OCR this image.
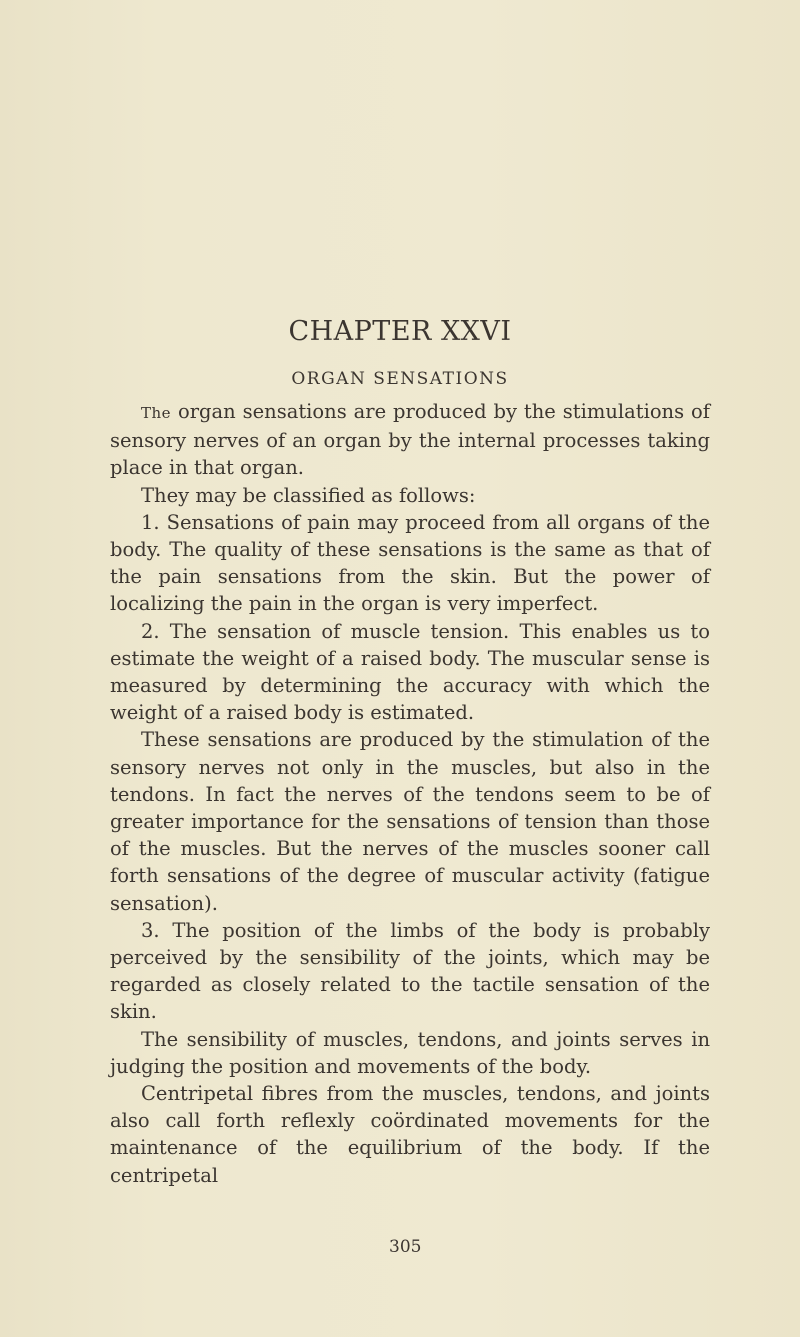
CHAPTER XXVI
ORGAN SENSATIONS

The organ sensations are produced by the stimulations of sensory nerves of an organ by the internal processes taking place in that organ.

They may be classified as follows:

1. Sensations of pain may proceed from all organs of the body. The quality of these sensations is the same as that of the pain sensations from the skin. But the power of localizing the pain in the organ is very imperfect.

2. The sensation of muscle tension. This enables us to estimate the weight of a raised body. The muscular sense is measured by determining the accuracy with which the weight of a raised body is estimated.

These sensations are produced by the stimulation of the sensory nerves not only in the muscles, but also in the tendons. In fact the nerves of the tendons seem to be of greater importance for the sensations of tension than those of the muscles. But the nerves of the muscles sooner call forth sensations of the degree of muscular activity (fatigue sensation).

3. The position of the limbs of the body is probably perceived by the sensibility of the joints, which may be regarded as closely related to the tactile sensation of the skin.

The sensibility of muscles, tendons, and joints serves in judging the position and movements of the body.

Centripetal fibres from the muscles, tendons, and joints also call forth reflexly coördinated movements for the maintenance of the equilibrium of the body. If the centripetal

305
